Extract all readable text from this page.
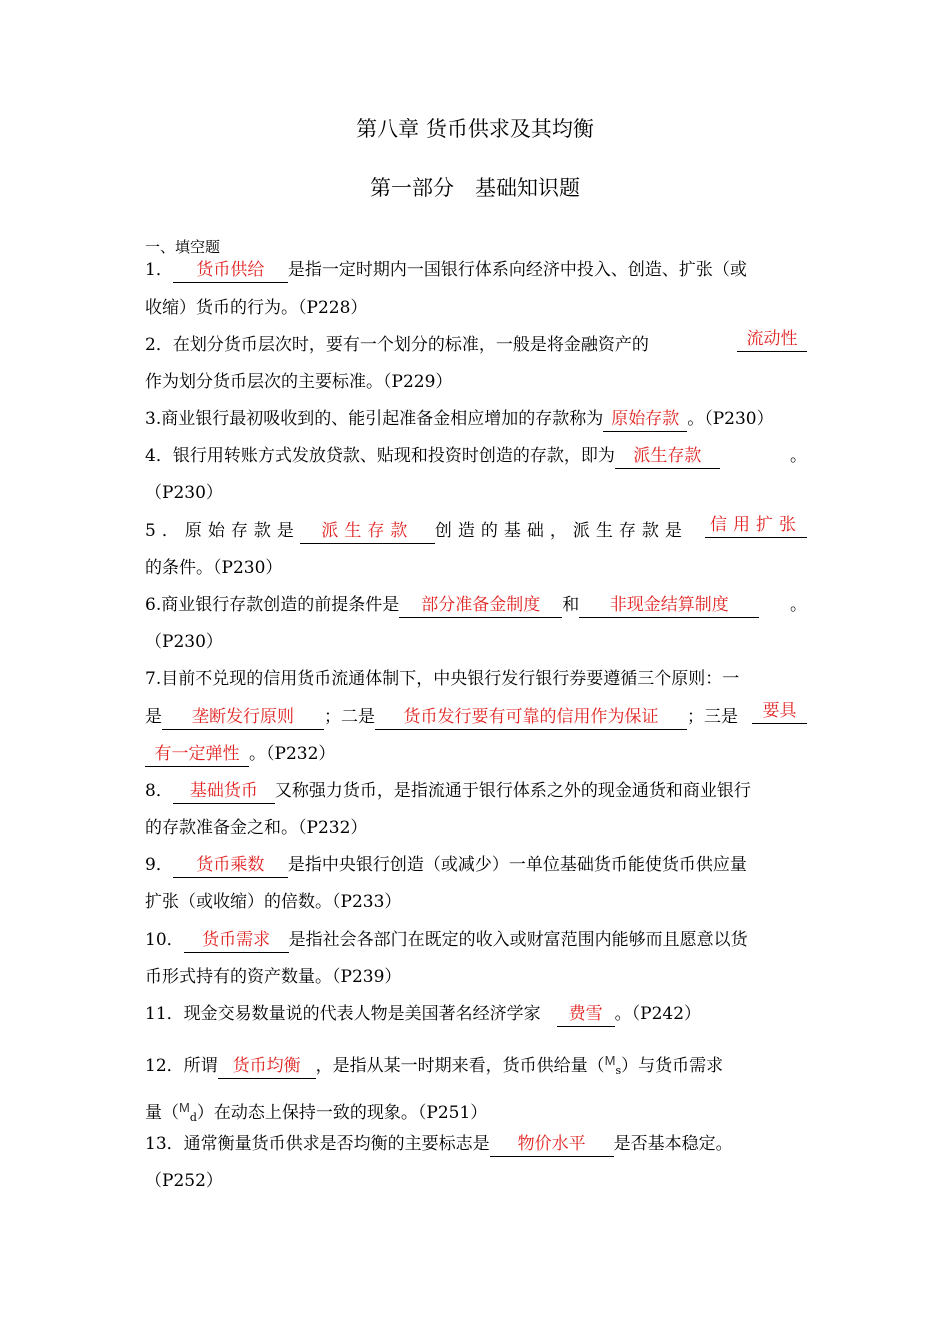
第八章 货币供求及其均衡
第一部分　基础知识题
一、填空题
1． 货币供给 是指一定时期内一国银行体系向经济中投入、创造、扩张（或
收缩）货币的行为。（P228）
2．在划分货币层次时，要有一个划分的标准，一般是将金融资产的	流动性
作为划分货币层次的主要标准。（P229）
3.商业银行最初吸收到的、能引起准备金相应增加的存款称为 原始存款 。（P230）
4．银行用转账方式发放贷款、贴现和投资时创造的存款，即为 派生存款	。
（P230）
5．原始存款是 派生存款 创造的基础，派生存款是 信用扩张
的条件。（P230）
6.商业银行存款创造的前提条件是 部分准备金制度 和 非现金结算制度	。
（P230）
7.目前不兑现的信用货币流通体制下，中央银行发行银行券要遵循三个原则：一
是 垄断发行原则 ；二是 货币发行要有可靠的信用作为保证 ；三是	要具
有一定弹性 。（P232）
8． 基础货币 又称强力货币，是指流通于银行体系之外的现金通货和商业银行
的存款准备金之和。（P232）
9． 货币乘数 是指中央银行创造（或减少）一单位基础货币能使货币供应量
扩张（或收缩）的倍数。（P233）
10． 货币需求 是指社会各部门在既定的收入或财富范围内能够而且愿意以货
币形式持有的资产数量。（P239）
11．现金交易数量说的代表人物是美国著名经济学家 费雪 。（P242）
12．所谓 货币均衡 ，是指从某一时期来看，货币供给量（$^M_s$）与货币需求
量（$^M_d$）在动态上保持一致的现象。（P251）
13．通常衡量货币供求是否均衡的主要标志是 物价水平 是否基本稳定。
（P252）
